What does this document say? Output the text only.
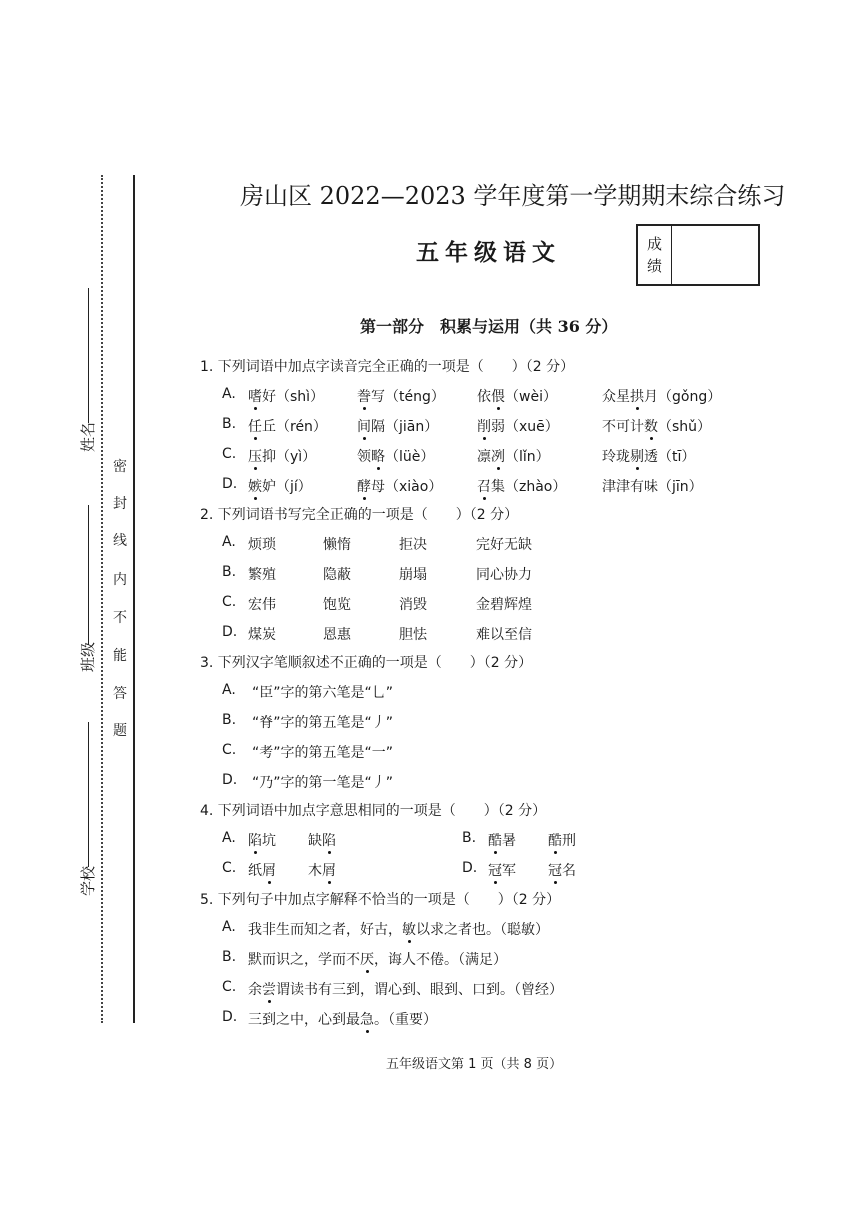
姓名
班级
学校
密
封
线
内
不
能
答
题
房山区 2022—2023 学年度第一学期期末综合练习
五年级语文	成
绩
第一部分　积累与运用（共 36 分）
1. 下列词语中加点字读音完全正确的一项是（　　）（2 分）
2. 下列词语书写完全正确的一项是（　　）（2 分）
3. 下列汉字笔顺叙述不正确的一项是（　　）（2 分）
4. 下列词语中加点字意思相同的一项是（　　）（2 分）
5. 下列句子中加点字解释不恰当的一项是（　　）（2 分）
五年级语文第 1 页（共 8 页）
A. 嗜好（shì） 誊写（téng） 依偎（wèi）	众星拱月（gǒng）
B. 任丘（rén） 间隔（jiān）	削弱（xuē）	不可计数（shǔ）
C. 压抑（yì）	领略（lüè）	凛冽（lǐn）	玲珑剔透（tī）
D. 嫉妒（jí）	酵母（xiào） 召集（zhào）	津津有味（jīn）
A. 烦琐	懒惰	拒决	完好无缺
B. 繁殖	隐蔽	崩塌	同心协力
C. 宏伟	饱览	消毁	金碧辉煌
D. 煤炭	恩惠	胆怯	难以至信
A. “臣”字的第六笔是“乚”
B. “脊”字的第五笔是“丿”
C. “考”字的第五笔是“一”
D. “乃”字的第一笔是“丿”
A. 陷坑 缺陷	B. 酷暑 酷刑
C. 纸屑 木屑	D. 冠军 冠名
A. 我非生而知之者，好古，敏以求之者也。（聪敏）
B. 默而识之，学而不厌，诲人不倦。（满足）
C. 余尝谓读书有三到，谓心到、眼到、口到。（曾经）
D. 三到之中，心到最急。（重要）
